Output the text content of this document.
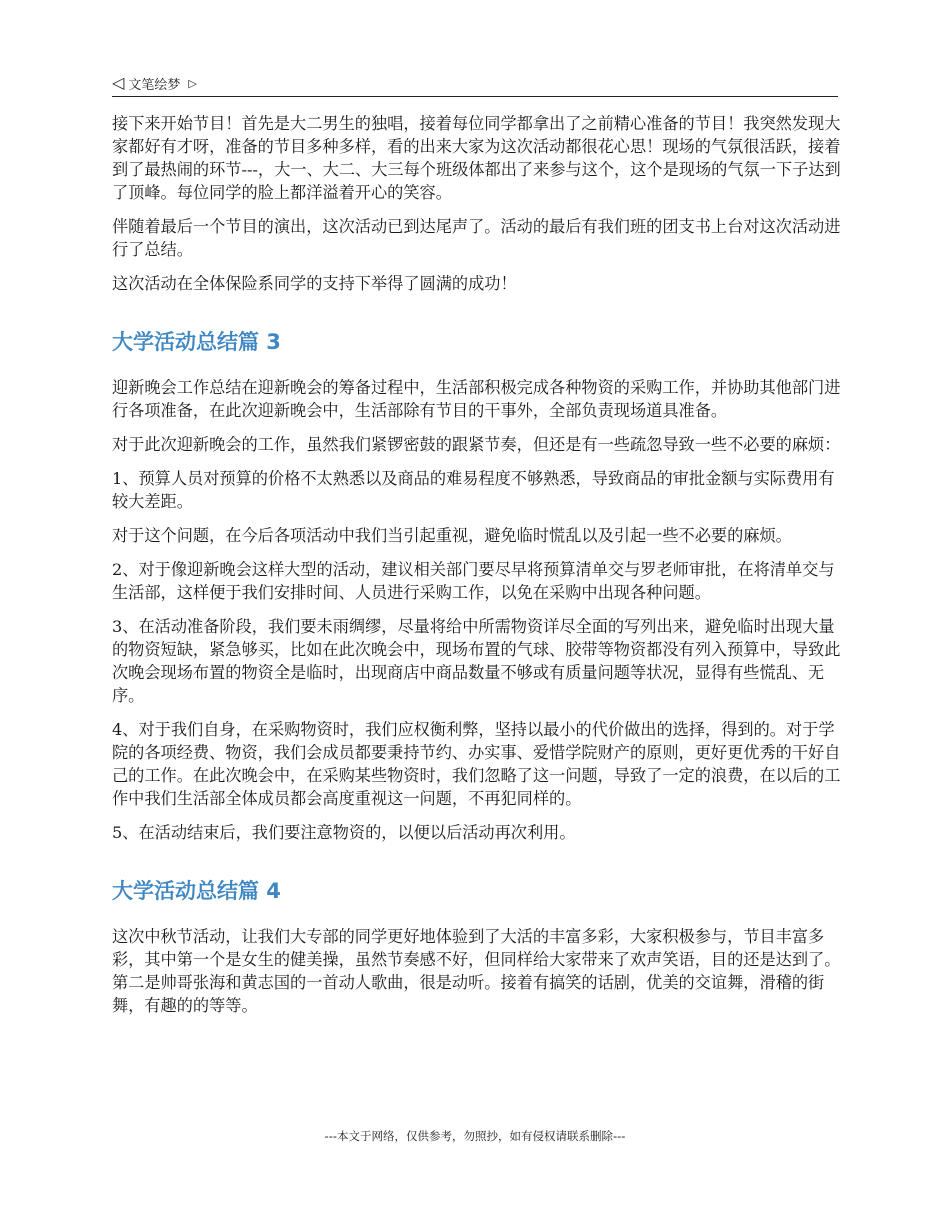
◁ 文笔绘梦 ▷

接下来开始节目！首先是大二男生的独唱，接着每位同学都拿出了之前精心准备的节目！我突然发现大家都好有才呀，准备的节目多种多样，看的出来大家为这次活动都很花心思！现场的气氛很活跃，接着到了最热闹的环节---，大一、大二、大三每个班级体都出了来参与这个，这个是现场的气氛一下子达到了顶峰。每位同学的脸上都洋溢着开心的笑容。

伴随着最后一个节目的演出，这次活动已到达尾声了。活动的最后有我们班的团支书上台对这次活动进行了总结。

这次活动在全体保险系同学的支持下举得了圆满的成功！

大学活动总结篇 3

迎新晚会工作总结在迎新晚会的筹备过程中，生活部积极完成各种物资的采购工作，并协助其他部门进行各项准备，在此次迎新晚会中，生活部除有节目的干事外，全部负责现场道具准备。

对于此次迎新晚会的工作，虽然我们紧锣密鼓的跟紧节奏，但还是有一些疏忽导致一些不必要的麻烦：

1、预算人员对预算的价格不太熟悉以及商品的难易程度不够熟悉，导致商品的审批金额与实际费用有较大差距。

对于这个问题，在今后各项活动中我们当引起重视，避免临时慌乱以及引起一些不必要的麻烦。

2、对于像迎新晚会这样大型的活动，建议相关部门要尽早将预算清单交与罗老师审批，在将清单交与生活部，这样便于我们安排时间、人员进行采购工作，以免在采购中出现各种问题。

3、在活动准备阶段，我们要未雨绸缪，尽量将给中所需物资详尽全面的写列出来，避免临时出现大量的物资短缺，紧急够买，比如在此次晚会中，现场布置的气球、胶带等物资都没有列入预算中，导致此次晚会现场布置的物资全是临时，出现商店中商品数量不够或有质量问题等状况，显得有些慌乱、无序。

4、对于我们自身，在采购物资时，我们应权衡利弊，坚持以最小的代价做出的选择，得到的。对于学院的各项经费、物资，我们会成员都要秉持节约、办实事、爱惜学院财产的原则，更好更优秀的干好自己的工作。在此次晚会中，在采购某些物资时，我们忽略了这一问题，导致了一定的浪费，在以后的工作中我们生活部全体成员都会高度重视这一问题，不再犯同样的。

5、在活动结束后，我们要注意物资的，以便以后活动再次利用。

大学活动总结篇 4

这次中秋节活动，让我们大专部的同学更好地体验到了大活的丰富多彩，大家积极参与，节目丰富多彩，其中第一个是女生的健美操，虽然节奏感不好，但同样给大家带来了欢声笑语，目的还是达到了。第二是帅哥张海和黄志国的一首动人歌曲，很是动听。接着有搞笑的话剧，优美的交谊舞，滑稽的街舞，有趣的的等等。

---本文于网络，仅供参考，勿照抄，如有侵权请联系删除---
